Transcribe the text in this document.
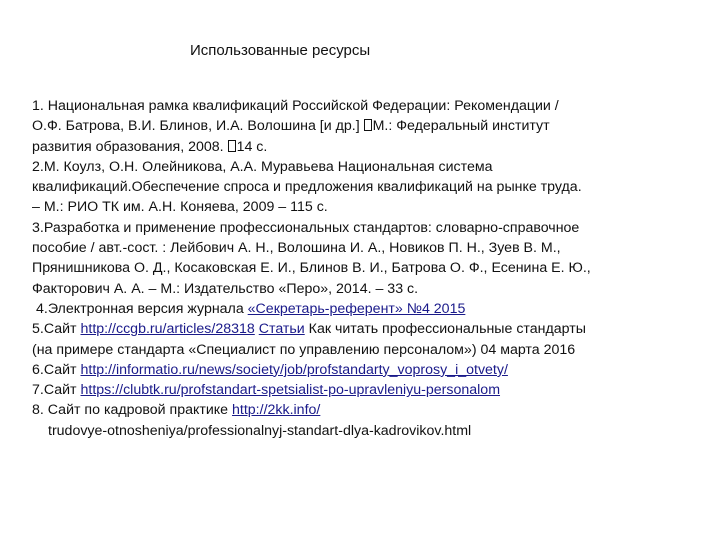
Использованные ресурсы
1. Национальная рамка квалификаций Российской Федерации: Рекомендации /
О.Ф. Батрова, В.И. Блинов, И.А. Волошина [и др.] М.: Федеральный институт
развития образования, 2008. 14 с.
2.М. Коулз, О.Н. Олейникова, А.А. Муравьева Национальная система
квалификаций.Обеспечение спроса и предложения квалификаций на рынке труда.
– М.: РИО ТК им. А.Н. Коняева, 2009 – 115 с.
3.Разработка и применение профессиональных стандартов: словарно-справочное
пособие / авт.-сост. : Лейбович А. Н., Волошина И. А., Новиков П. Н., Зуев В. М.,
Прянишникова О. Д., Косаковская Е. И., Блинов В. И., Батрова О. Ф., Есенина Е. Ю.,
Факторович А. А. – М.: Издательство «Перо», 2014. – 33 с.
4.Электронная версия журнала «Секретарь-референт» №4 2015
5.Сайт http://ccgb.ru/articles/28318 Статьи Как читать профессиональные стандарты
(на примере стандарта «Специалист по управлению персоналом») 04 марта 2016
6.Сайт http://informatio.ru/news/society/job/profstandarty_voprosy_i_otvety/
7.Сайт https://clubtk.ru/profstandart-spetsialist-po-upravleniyu-personalom
8. Сайт по кадровой практике http://2kk.info/
trudovye-otnosheniya/professionalnyj-standart-dlya-kadrovikov.html
